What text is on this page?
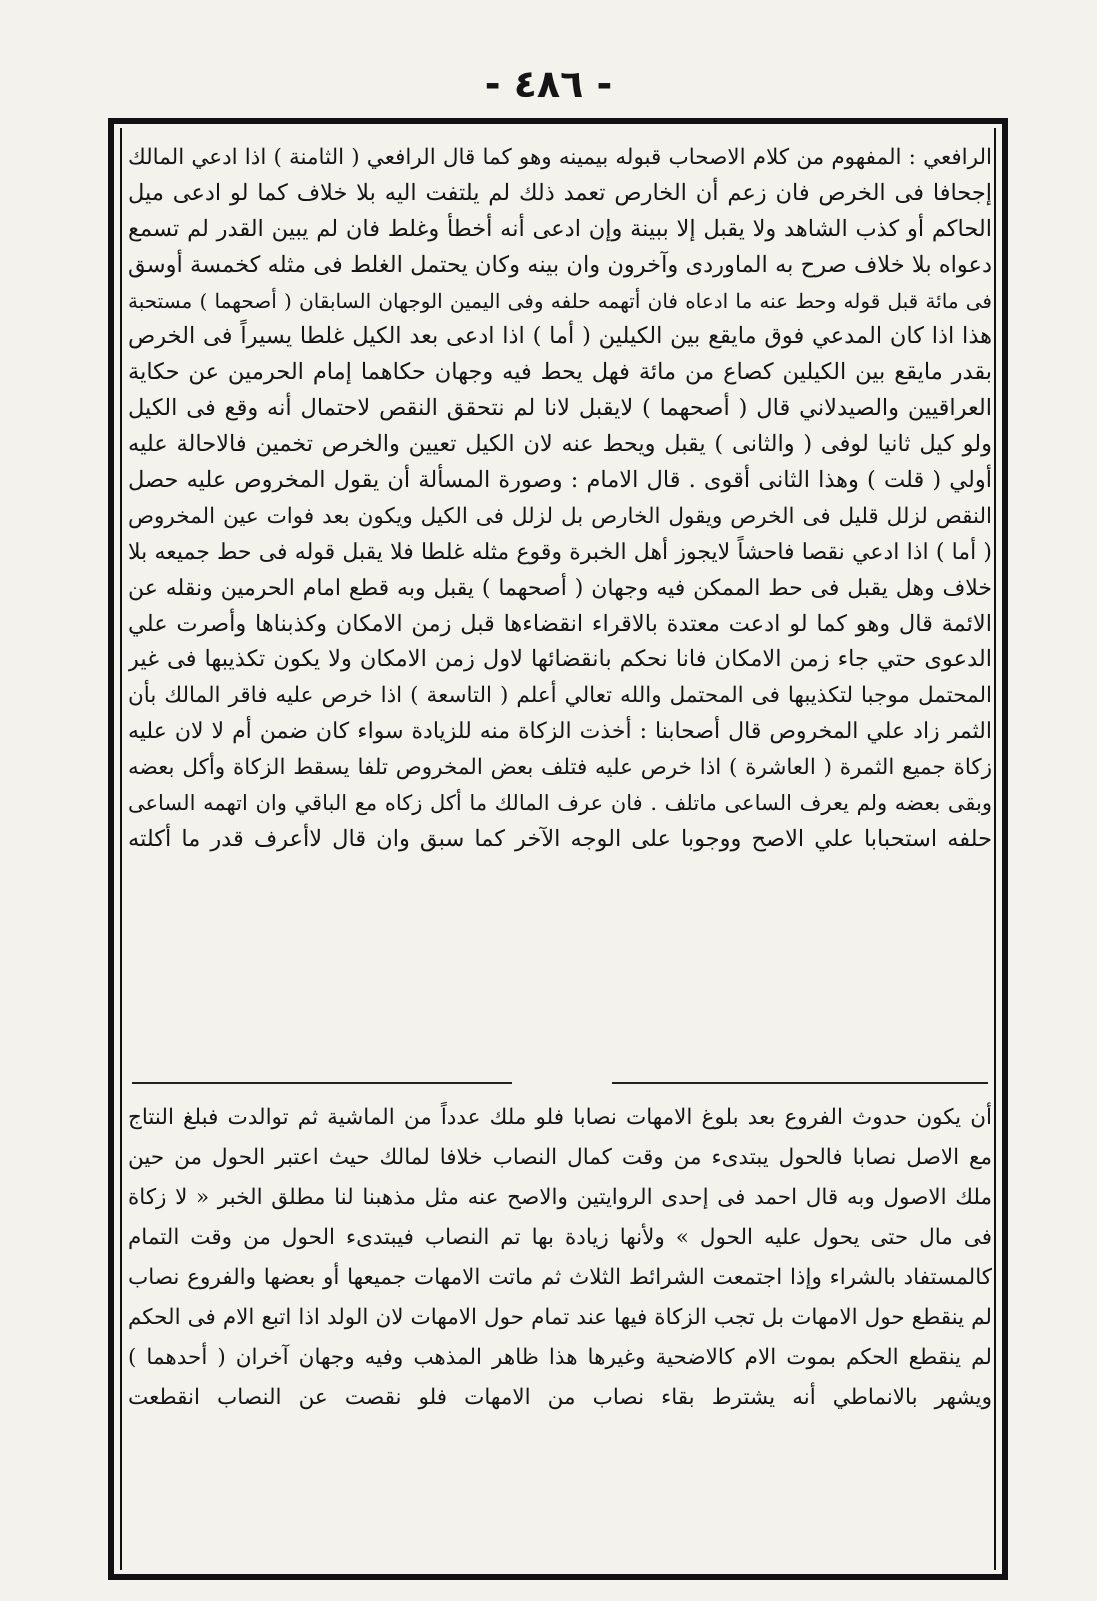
- ٤٨٦ -
الرافعي : المفهوم من كلام الاصحاب قبوله بيمينه وهو كما قال الرافعي ( الثامنة ) اذا ادعي المالك
إجحافا فى الخرص فان زعم أن الخارص تعمد ذلك لم يلتفت اليه بلا خلاف كما لو ادعى ميل
الحاكم أو كذب الشاهد ولا يقبل إلا ببينة وإن ادعى أنه أخطأ وغلط فان لم يبين القدر لم تسمع
دعواه بلا خلاف صرح به الماوردى وآخرون وان بينه وكان يحتمل الغلط فى مثله كخمسة أوسق
فى مائة قبل قوله وحط عنه ما ادعاه فان أتهمه حلفه وفى اليمين الوجهان السابقان ( أصحهما ) مستحبة
هذا اذا كان المدعي فوق مايقع بين الكيلين ( أما ) اذا ادعى بعد الكيل غلطا يسيراً فى الخرص
بقدر مايقع بين الكيلين كصاع من مائة فهل يحط فيه وجهان حكاهما إمام الحرمين عن حكاية
العراقيين والصيدلاني قال ( أصحهما ) لايقبل لانا لم نتحقق النقص لاحتمال أنه وقع فى الكيل
ولو كيل ثانيا لوفى ( والثانى ) يقبل ويحط عنه لان الكيل تعيين والخرص تخمين فالاحالة عليه
أولي ( قلت ) وهذا الثانى أقوى . قال الامام : وصورة المسألة أن يقول المخروص عليه حصل
النقص لزلل قليل فى الخرص ويقول الخارص بل لزلل فى الكيل ويكون بعد فوات عين المخروص
( أما ) اذا ادعي نقصا فاحشاً لايجوز أهل الخبرة وقوع مثله غلطا فلا يقبل قوله فى حط جميعه بلا
خلاف وهل يقبل فى حط الممكن فيه وجهان ( أصحهما ) يقبل وبه قطع امام الحرمين ونقله عن
الائمة قال وهو كما لو ادعت معتدة بالاقراء انقضاءها قبل زمن الامكان وكذبناها وأصرت علي
الدعوى حتي جاء زمن الامكان فانا نحكم بانقضائها لاول زمن الامكان ولا يكون تكذيبها فى غير
المحتمل موجبا لتكذيبها فى المحتمل والله تعالي أعلم ( التاسعة ) اذا خرص عليه فاقر المالك بأن
الثمر زاد علي المخروص قال أصحابنا : أخذت الزكاة منه للزيادة سواء كان ضمن أم لا لان عليه
زكاة جميع الثمرة ( العاشرة ) اذا خرص عليه فتلف بعض المخروص تلفا يسقط الزكاة وأكل بعضه
وبقى بعضه ولم يعرف الساعى ماتلف . فان عرف المالك ما أكل زكاه مع الباقي وان اتهمه الساعى
حلفه استحبابا علي الاصح ووجوبا على الوجه الآخر كما سبق وان قال لاأعرف قدر ما أكلته
أن يكون حدوث الفروع بعد بلوغ الامهات نصابا فلو ملك عدداً من الماشية ثم توالدت فبلغ النتاج
مع الاصل نصابا فالحول يبتدىء من وقت كمال النصاب خلافا لمالك حيث اعتبر الحول من حين
ملك الاصول وبه قال احمد فى إحدى الروايتين والاصح عنه مثل مذهبنا لنا مطلق الخبر « لا زكاة
فى مال حتى يحول عليه الحول » ولأنها زيادة بها تم النصاب فيبتدىء الحول من وقت التمام
كالمستفاد بالشراء وإذا اجتمعت الشرائط الثلاث ثم ماتت الامهات جميعها أو بعضها والفروع نصاب
لم ينقطع حول الامهات بل تجب الزكاة فيها عند تمام حول الامهات لان الولد اذا اتبع الام فى الحكم
لم ينقطع الحكم بموت الام كالاضحية وغيرها هذا ظاهر المذهب وفيه وجهان آخران ( أحدهما )
ويشهر بالانماطي أنه يشترط بقاء نصاب من الامهات فلو نقصت عن النصاب انقطعت
